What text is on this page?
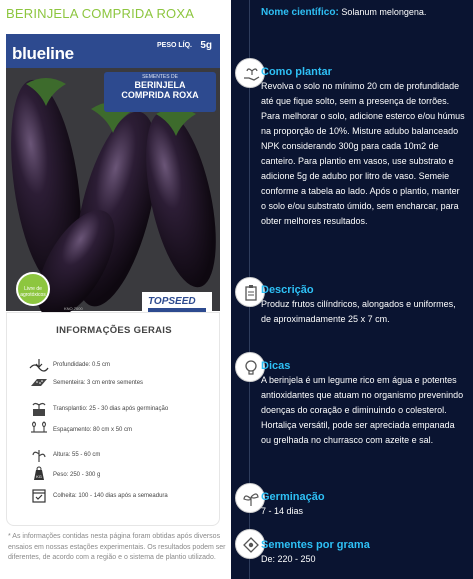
BERINJELA COMPRIDA ROXA
blueline	PESO LÍQ. 5g
SEMENTES DE
BERINJELA
COMPRIDA ROXA
Livre de agrotóxicos
KNO 7000
TOPSEED
INFORMAÇÕES GERAIS
Profundidade: 0.5 cm
Sementeira: 3 cm entre sementes
Transplantio: 25 - 30 dias após germinação
Espaçamento: 80 cm x 50 cm
Altura: 55 - 60 cm
KG Peso: 250 - 300 g
Colheita: 100 - 140 dias após a semeadura
* As informações contidas nesta página foram obtidas após diversos ensaios em nossas estações experimentais. Os resultados podem ser diferentes, de acordo com a região e o sistema de plantio utilizado.
Nome científico: Solanum melongena.
Como plantar
Revolva o solo no mínimo 20 cm de profundidade até que fique solto, sem a presença de torrões. Para melhorar o solo, adicione esterco e/ou húmus na proporção de 10%. Misture adubo balanceado NPK considerando 300g para cada 10m2 de canteiro. Para plantio em vasos, use substrato e adicione 5g de adubo por litro de vaso. Semeie conforme a tabela ao lado. Após o plantio, manter o solo e/ou substrato úmido, sem encharcar, para obter melhores resultados.
Descrição
Produz frutos cilíndricos, alongados e uniformes, de aproximadamente 25 x 7 cm.
Dicas
A berinjela é um legume rico em água e potentes antioxidantes que atuam no organismo prevenindo doenças do coração e diminuindo o colesterol. Hortaliça versátil, pode ser apreciada empanada ou grelhada no churrasco com azeite e sal.
Germinação
7 - 14 dias
Sementes por grama
De: 220 - 250
